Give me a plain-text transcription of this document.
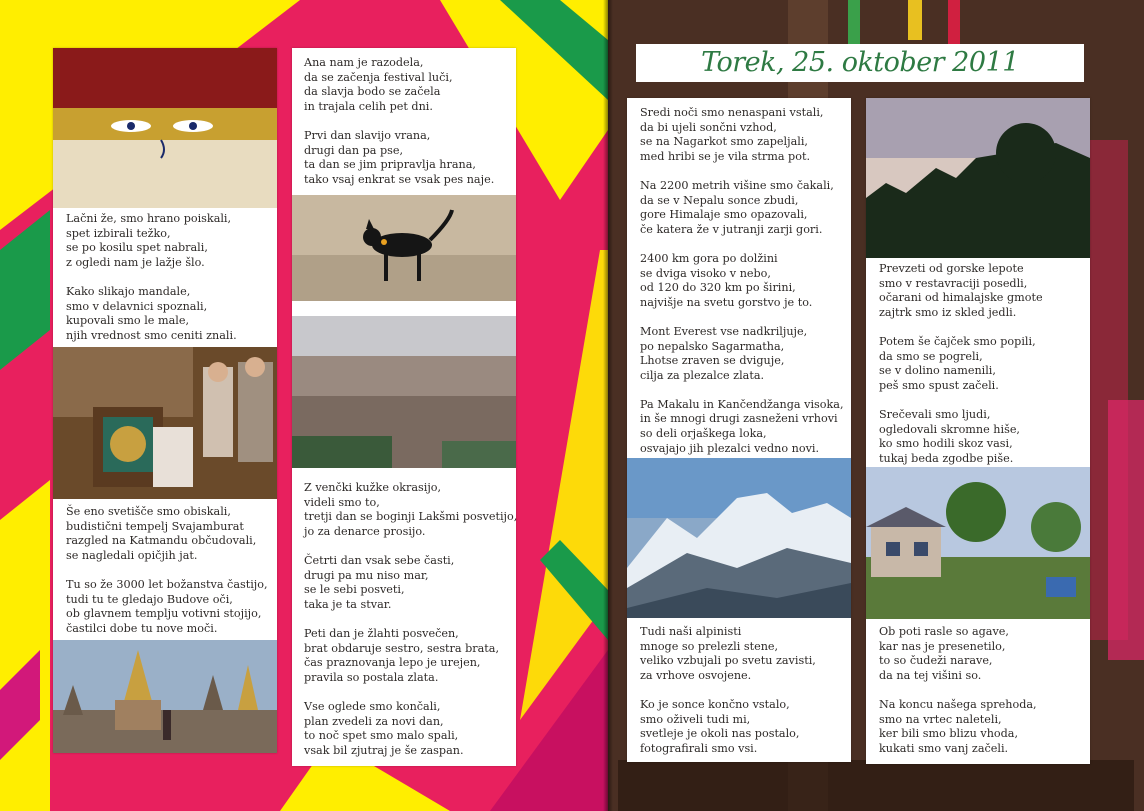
Lačni že, smo hrano poiskali,
spet izbirali težko,
se po kosilu spet nabrali,
z ogledi nam je lažje šlo.

Kako slikajo mandale,
smo v delavnici spoznali,
kupovali smo le male,
njih vrednost smo ceniti znali.
Še eno svetišče smo obiskali,
budistični tempelj Svajamburat
razgled na Katmandu občudovali,
se nagledali opičjih jat.

Tu so že 3000 let božanstva častijo,
tudi tu te gledajo Budove oči,
ob glavnem templju votivni stojijo,
častilci dobe tu nove moči.
Ana nam je razodela,
da se začenja festival luči,
da slavja bodo se začela
in trajala celih pet dni.

Prvi dan slavijo vrana,
drugi dan pa pse,
ta dan se jim pripravlja hrana,
tako vsaj enkrat se vsak pes naje.
Z venčki kužke okrasijo,
videli smo to,
tretji dan se boginji Lakšmi posvetijo,
jo za denarce prosijo.

Četrti dan vsak sebe časti,
drugi pa mu niso mar,
se le sebi posveti,
taka je ta stvar.

Peti dan je žlahti posvečen,
brat obdaruje sestro, sestra brata,
čas praznovanja lepo je urejen,
pravila so postala zlata.

Vse oglede smo končali,
plan zvedeli za novi dan,
to noč spet smo malo spali,
vsak bil zjutraj je še zaspan.
Torek, 25. oktober 2011
Sredi noči smo nenaspani vstali,
da bi ujeli sončni vzhod,
se na Nagarkot smo zapeljali,
med hribi se je vila strma pot.

Na 2200 metrih višine smo čakali,
da se v Nepalu sonce zbudi,
gore Himalaje smo opazovali,
če katera že v jutranji zarji gori.

2400 km gora po dolžini
se dviga visoko v nebo,
od 120 do 320 km po širini,
najvišje na svetu gorstvo je to.

Mont Everest vse nadkriljuje,
po nepalsko Sagarmatha,
Lhotse zraven se dviguje,
cilja za plezalce zlata.

Pa Makalu in Kančendžanga visoka,
in še mnogi drugi zasneženi vrhovi
so deli orjaškega loka,
osvajajo jih plezalci vedno novi.
Tudi naši alpinisti
mnoge so prelezli stene,
veliko vzbujali po svetu zavisti,
za vrhove osvojene.

Ko je sonce končno vstalo,
smo oživeli tudi mi,
svetleje je okoli nas postalo,
fotografirali smo vsi.
Prevzeti od gorske lepote
smo v restavraciji posedli,
očarani od himalajske gmote
zajtrk smo iz skled jedli.

Potem še čajček smo popili,
da smo se pogreli,
se v dolino namenili,
peš smo spust začeli.

Srečevali smo ljudi,
ogledovali skromne hiše,
ko smo hodili skoz vasi,
tukaj beda zgodbe piše.
Ob poti rasle so agave,
kar nas je presenetilo,
to so čudeži narave,
da na tej višini so.

Na koncu našega sprehoda,
smo na vrtec naleteli,
ker bili smo blizu vhoda,
kukati smo vanj začeli.
